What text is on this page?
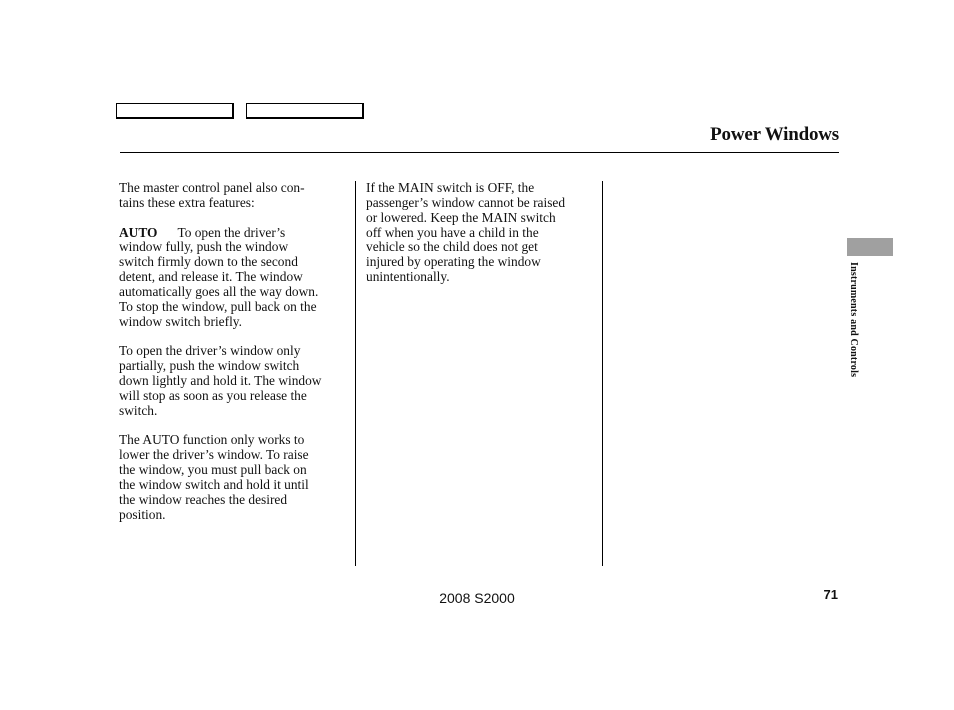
Power Windows

The master control panel also con-
tains these extra features:

AUTO To open the driver’s
window fully, push the window
switch firmly down to the second
detent, and release it. The window
automatically goes all the way down.
To stop the window, pull back on the
window switch briefly.

To open the driver’s window only
partially, push the window switch
down lightly and hold it. The window
will stop as soon as you release the
switch.

The AUTO function only works to
lower the driver’s window. To raise
the window, you must pull back on
the window switch and hold it until
the window reaches the desired
position.

If the MAIN switch is OFF, the
passenger’s window cannot be raised
or lowered. Keep the MAIN switch
off when you have a child in the
vehicle so the child does not get
injured by operating the window
unintentionally.	Instruments and Controls
2008 S2000	71
